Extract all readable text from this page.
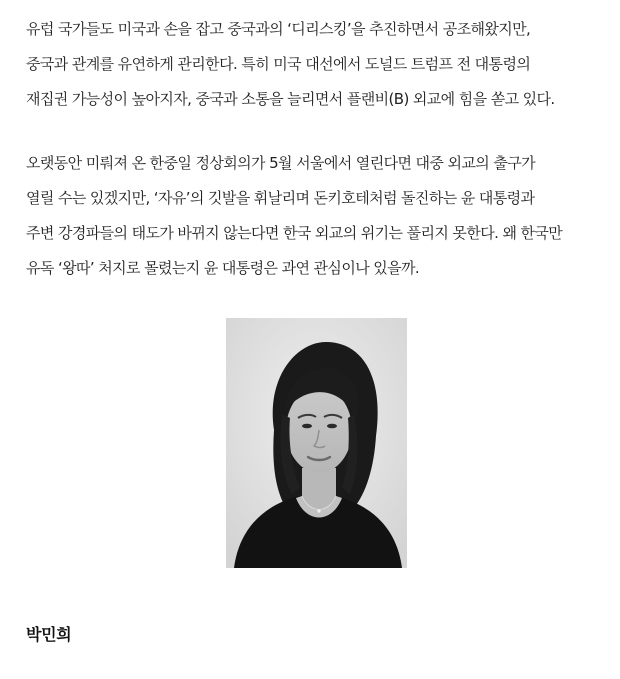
유럽 국가들도 미국과 손을 잡고 중국과의 ‘디리스킹’을 추진하면서 공조해왔지만,
중국과 관계를 유연하게 관리한다. 특히 미국 대선에서 도널드 트럼프 전 대통령의
재집권 가능성이 높아지자, 중국과 소통을 늘리면서 플랜비(B) 외교에 힘을 쏟고 있다.

오랫동안 미뤄져 온 한중일 정상회의가 5월 서울에서 열린다면 대중 외교의 출구가
열릴 수는 있겠지만, ‘자유’의 깃발을 휘날리며 돈키호테처럼 돌진하는 윤 대통령과
주변 강경파들의 태도가 바뀌지 않는다면 한국 외교의 위기는 풀리지 못한다. 왜 한국만
유독 ‘왕따’ 처지로 몰렸는지 윤 대통령은 과연 관심이나 있을까.

박민희
